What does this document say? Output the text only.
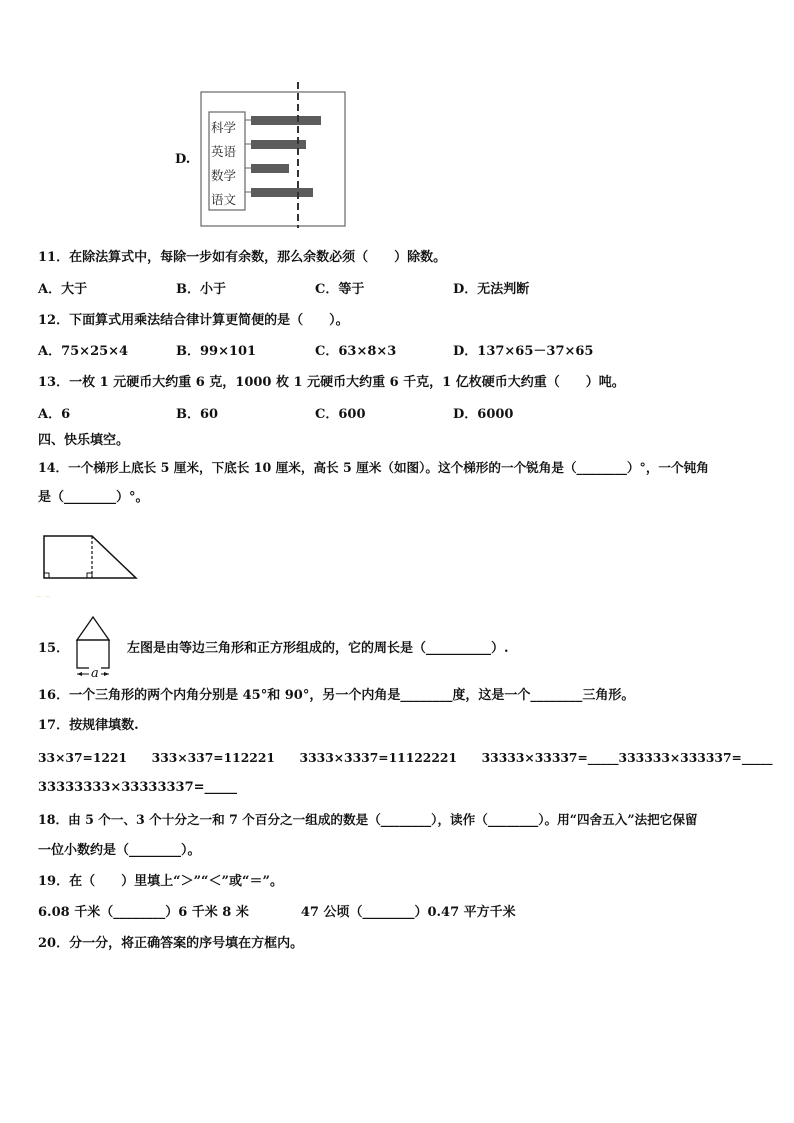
D.
科学
英语
数学
语文
11．在除法算式中，每除一步如有余数，那么余数必须（　　）除数。
A．大于	B．小于	C．等于	D．无法判断
12．下面算式用乘法结合律计算更简便的是（　　）。
A．75×25×4	B．99×101	C．63×8×3	D．137×65－37×65
13．一枚 1 元硬币大约重 6 克，1000 枚 1 元硬币大约重 6 千克，1 亿枚硬币大约重（　　）吨。
A．6	B．60	C．600	D．6000
四、快乐填空。
14．一个梯形上底长 5 厘米，下底长 10 厘米，高长 5 厘米（如图）。这个梯形的一个锐角是（________）°，一个钝角
是（________）°。
~ ~
15．
a
左图是由等边三角形和正方形组成的，它的周长是（__________）.
16．一个三角形的两个内角分别是 45°和 90°，另一个内角是________度，这是一个________三角形。
17．按规律填数.
33×37=1221　　333×337=112221　　3333×3337=11122221　　33333×33337=_____333333×333337=_____
33333333×33333337=_____
18．由 5 个一、3 个十分之一和 7 个百分之一组成的数是（________），读作（________）。用“四舍五入”法把它保留
一位小数约是（________）。
19．在（　　）里填上“＞”“＜”或“＝”。
6.08 千米（________）6 千米 8 米　　　　47 公顷（________）0.47 平方千米
20．分一分，将正确答案的序号填在方框内。
